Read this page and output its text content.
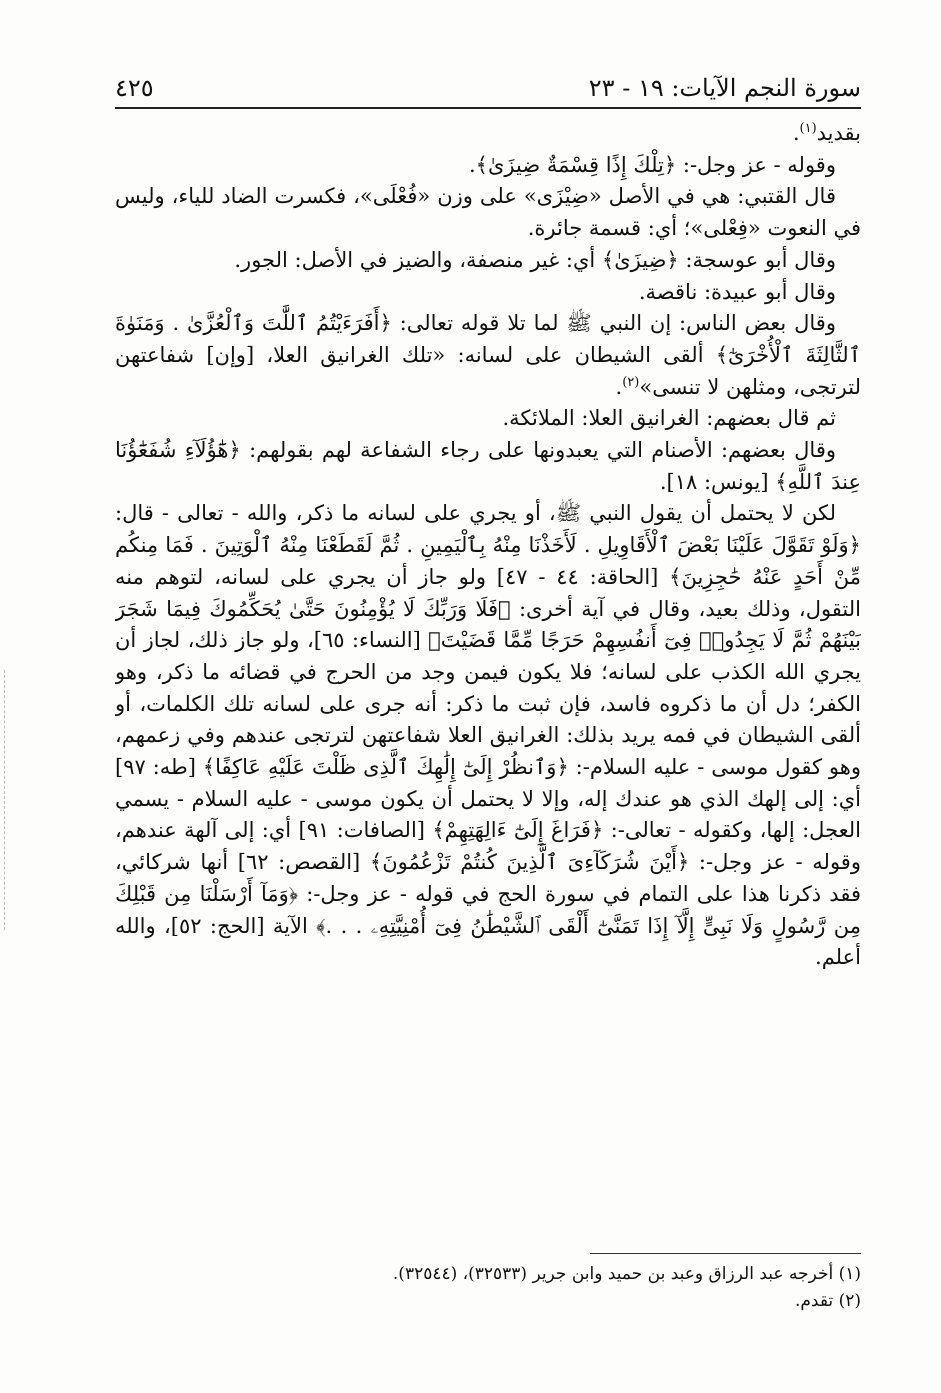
سورة النجم الآيات: ١٩ - ٢٣
٤٢٥

بقديد$^{(١)}$.

وقوله - عز وجل-: ﴿تِلْكَ إِذًا قِسْمَةٌ ضِيزَىٰ﴾.

قال القتبي: هي في الأصل «ضِيْزَى» على وزن «فُعْلَى»، فكسرت الضاد للياء، وليس في النعوت «فِعْلى»؛ أي: قسمة جائرة.

وقال أبو عوسجة: ﴿ضِيزَىٰ﴾ أي: غير منصفة، والضيز في الأصل: الجور.

وقال أبو عبيدة: ناقصة.

وقال بعض الناس: إن النبي ﷺ لما تلا قوله تعالى: ﴿أَفَرَءَيْتُمُ ٱللَّٰتَ وَٱلْعُزَّىٰ . وَمَنَوٰةَ ٱلثَّالِثَةَ ٱلْأُخْرَىٰٓ﴾ ألقى الشيطان على لسانه: «تلك الغرانيق العلا، [وإن] شفاعتهن لترتجى، ومثلهن لا تنسى»$^{(٢)}$.

ثم قال بعضهم: الغرانيق العلا: الملائكة.

وقال بعضهم: الأصنام التي يعبدونها على رجاء الشفاعة لهم بقولهم: ﴿هَٰٓؤُلَآءِ شُفَعَٰٓؤُنَا عِندَ ٱللَّهِ﴾ [يونس: ١٨].

لكن لا يحتمل أن يقول النبي ﷺ، أو يجري على لسانه ما ذكر، والله - تعالى - قال: ﴿وَلَوْ تَقَوَّلَ عَلَيْنَا بَعْضَ ٱلْأَقَاوِيلِ . لَأَخَذْنَا مِنْهُ بِٱلْيَمِينِ . ثُمَّ لَقَطَعْنَا مِنْهُ ٱلْوَتِينَ . فَمَا مِنكُم مِّنْ أَحَدٍ عَنْهُ حَٰجِزِينَ﴾ [الحاقة: ٤٤ - ٤٧] ولو جاز أن يجري على لسانه، لتوهم منه التقول، وذلك بعيد، وقال في آية أخرى: ﴿فَلَا وَرَبِّكَ لَا يُؤْمِنُونَ حَتَّىٰ يُحَكِّمُوكَ فِيمَا شَجَرَ بَيْنَهُمْ ثُمَّ لَا يَجِدُوا۟ فِىٓ أَنفُسِهِمْ حَرَجًا مِّمَّا قَضَيْتَ﴾ [النساء: ٦٥]، ولو جاز ذلك، لجاز أن يجري الله الكذب على لسانه؛ فلا يكون فيمن وجد من الحرج في قضائه ما ذكر، وهو الكفر؛ دل أن ما ذكروه فاسد، فإن ثبت ما ذكر: أنه جرى على لسانه تلك الكلمات، أو ألقى الشيطان في فمه يريد بذلك: الغرانيق العلا شفاعتهن لترتجى عندهم وفي زعمهم، وهو كقول موسى - عليه السلام-: ﴿وَٱنظُرْ إِلَىٰٓ إِلَٰهِكَ ٱلَّذِى ظَلْتَ عَلَيْهِ عَاكِفًا﴾ [طه: ٩٧] أي: إلى إلهك الذي هو عندك إله، وإلا لا يحتمل أن يكون موسى - عليه السلام - يسمي العجل: إلها، وكقوله - تعالى-: ﴿فَرَاغَ إِلَىٰٓ ءَالِهَتِهِمْ﴾ [الصافات: ٩١] أي: إلى آلهة عندهم، وقوله - عز وجل-: ﴿أَيْنَ شُرَكَآءِىَ ٱلَّذِينَ كُنتُمْ تَزْعُمُونَ﴾ [القصص: ٦٢] أنها شركائي، فقد ذكرنا هذا على التمام في سورة الحج في قوله - عز وجل-: ﴿وَمَآ أَرْسَلْنَا مِن قَبْلِكَ مِن رَّسُولٍ وَلَا نَبِىٍّ إِلَّآ إِذَا تَمَنَّىٰٓ أَلْقَى ٱلشَّيْطَٰنُ فِىٓ أُمْنِيَّتِهِۦ . . .﴾ الآية [الحج: ٥٢]، والله أعلم.

(١) أخرجه عبد الرزاق وعبد بن حميد وابن جرير (٣٢٥٣٣)، (٣٢٥٤٤).

(٢) تقدم.
